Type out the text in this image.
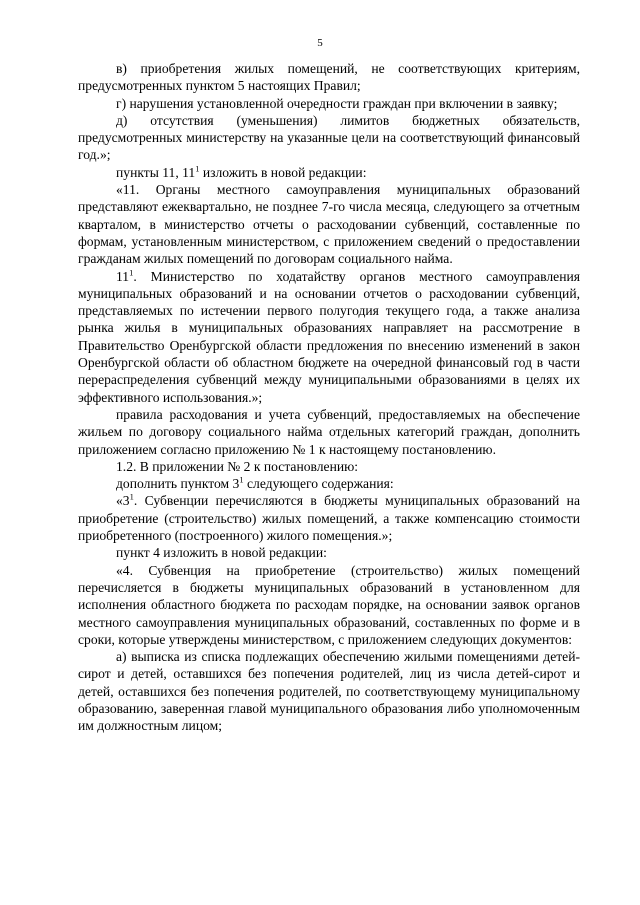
5

в) приобретения жилых помещений, не соответствующих критериям, предусмотренных пунктом 5 настоящих Правил;

г) нарушения установленной очередности граждан при включении в заявку;

д) отсутствия (уменьшения) лимитов бюджетных обязательств, предусмотренных министерству на указанные цели на соответствующий финансовый год.»;

пункты 11, $11^1$ изложить в новой редакции:

«11. Органы местного самоуправления муниципальных образований представляют ежеквартально, не позднее 7-го числа месяца, следующего за отчетным кварталом, в министерство отчеты о расходовании субвенций, составленные по формам, установленным министерством, с приложением сведений о предоставлении гражданам жилых помещений по договорам социального найма.

$11^1$. Министерство по ходатайству органов местного самоуправления муниципальных образований и на основании отчетов о расходовании субвенций, представляемых по истечении первого полугодия текущего года, а также анализа рынка жилья в муниципальных образованиях направляет на рассмотрение в Правительство Оренбургской области предложения по внесению изменений в закон Оренбургской области об областном бюджете на очередной финансовый год в части перераспределения субвенций между муниципальными образованиями в целях их эффективного использования.»;

правила расходования и учета субвенций, предоставляемых на обеспечение жильем по договору социального найма отдельных категорий граждан, дополнить приложением согласно приложению № 1 к настоящему постановлению.

1.2. В приложении № 2 к постановлению:

дополнить пунктом $3^1$ следующего содержания:

«$3^1$. Субвенции перечисляются в бюджеты муниципальных образований на приобретение (строительство) жилых помещений, а также компенсацию стоимости приобретенного (построенного) жилого помещения.»;

пункт 4 изложить в новой редакции:

«4. Субвенция на приобретение (строительство) жилых помещений перечисляется в бюджеты муниципальных образований в установленном для исполнения областного бюджета по расходам порядке, на основании заявок органов местного самоуправления муниципальных образований, составленных по форме и в сроки, которые утверждены министерством, с приложением следующих документов:

а) выписка из списка подлежащих обеспечению жилыми помещениями детей-сирот и детей, оставшихся без попечения родителей, лиц из числа детей-сирот и детей, оставшихся без попечения родителей, по соответствующему муниципальному образованию, заверенная главой муниципального образования либо уполномоченным им должностным лицом;
